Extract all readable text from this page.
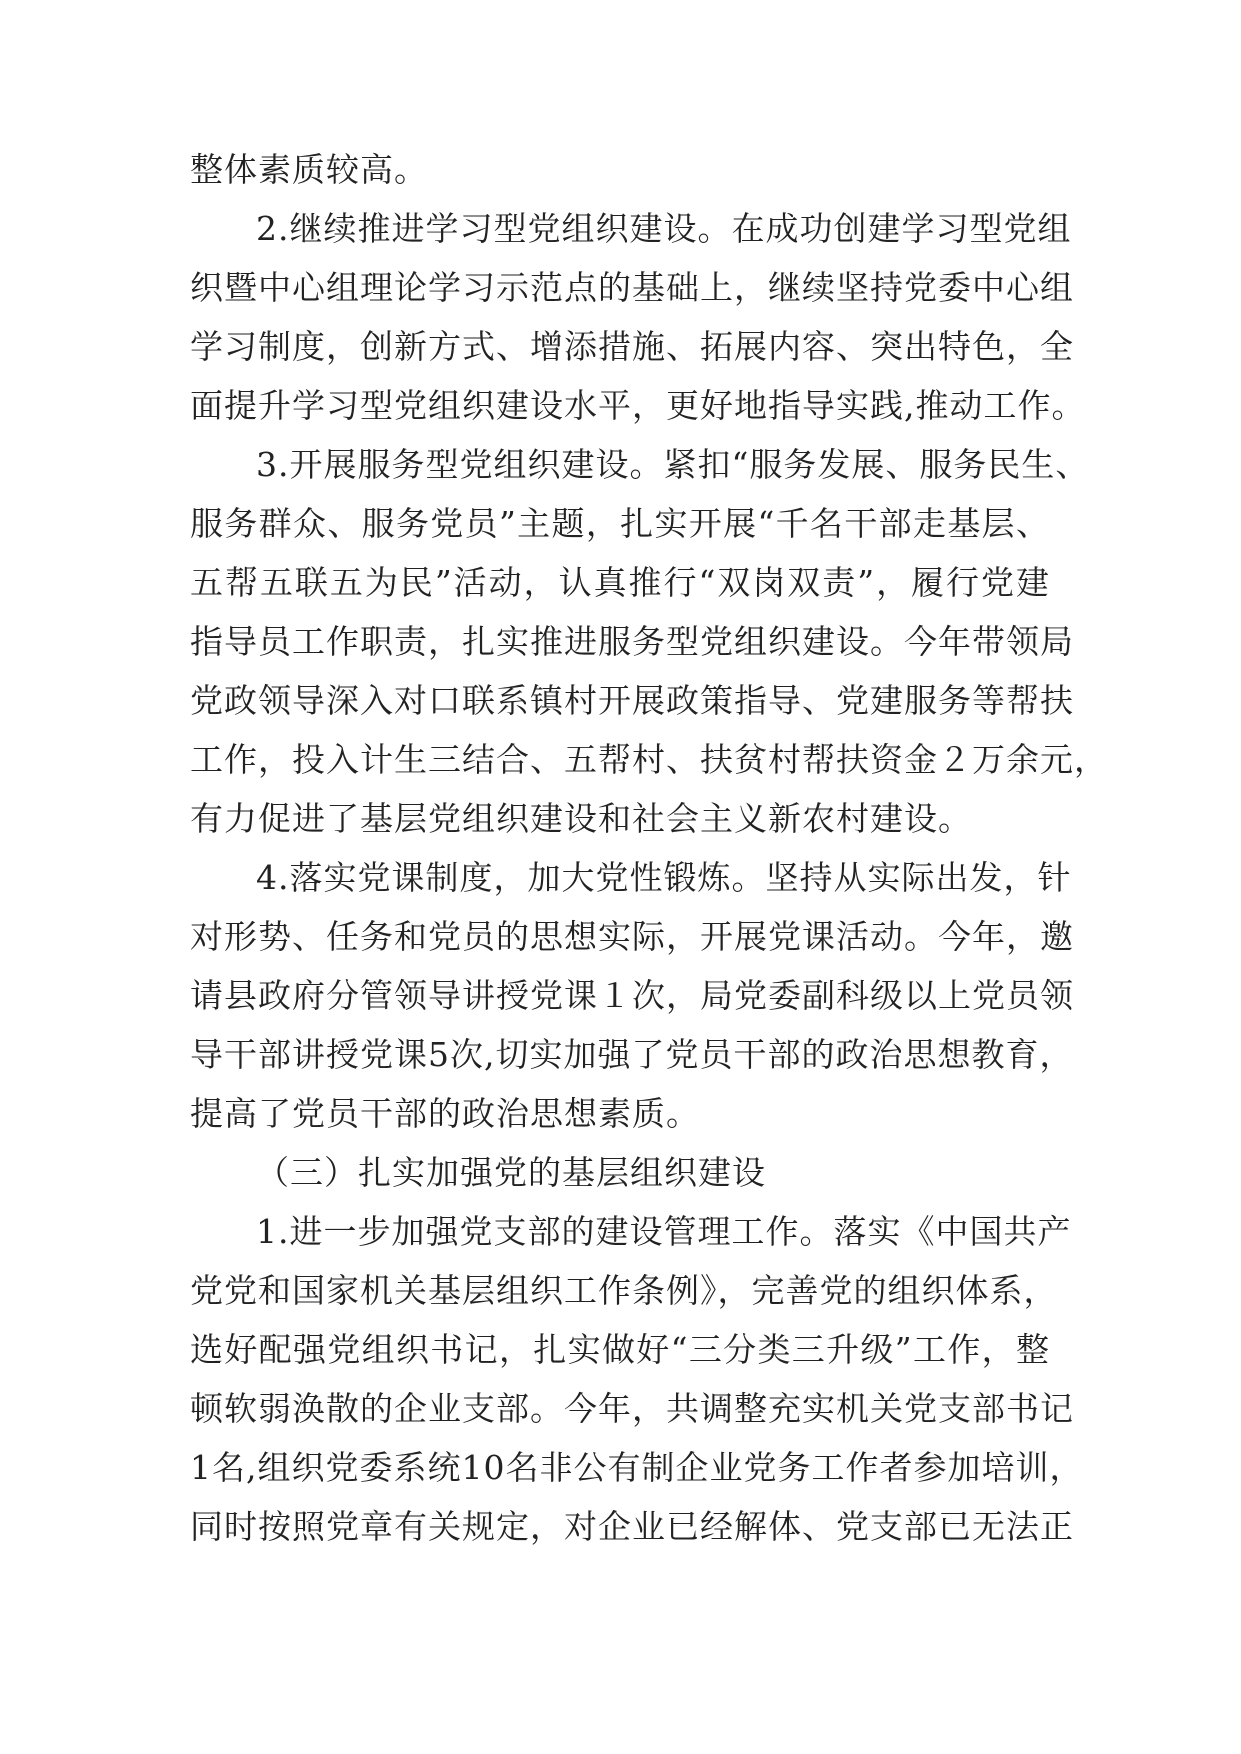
整体素质较高。
2.继续推进学习型党组织建设。在成功创建学习型党组
织暨中心组理论学习示范点的基础上，继续坚持党委中心组
学习制度，创新方式、增添措施、拓展内容、突出特色，全
面提升学习型党组织建设水平，更好地指导实践,推动工作。
3.开展服务型党组织建设。紧扣“服务发展、服务民生、
服务群众、服务党员”主题，扎实开展“千名干部走基层、
五帮五联五为民”活动，认真推行“双岗双责”，履行党建
指导员工作职责，扎实推进服务型党组织建设。今年带领局
党政领导深入对口联系镇村开展政策指导、党建服务等帮扶
工作，投入计生三结合、五帮村、扶贫村帮扶资金２万余元，
有力促进了基层党组织建设和社会主义新农村建设。
4.落实党课制度，加大党性锻炼。坚持从实际出发，针
对形势、任务和党员的思想实际，开展党课活动。今年，邀
请县政府分管领导讲授党课１次，局党委副科级以上党员领
导干部讲授党课5次,切实加强了党员干部的政治思想教育，
提高了党员干部的政治思想素质。
（三）扎实加强党的基层组织建设
1.进一步加强党支部的建设管理工作。落实《中国共产
党党和国家机关基层组织工作条例》，完善党的组织体系，
选好配强党组织书记，扎实做好“三分类三升级”工作，整
顿软弱涣散的企业支部。今年，共调整充实机关党支部书记
1名,组织党委系统10名非公有制企业党务工作者参加培训，
同时按照党章有关规定，对企业已经解体、党支部已无法正
